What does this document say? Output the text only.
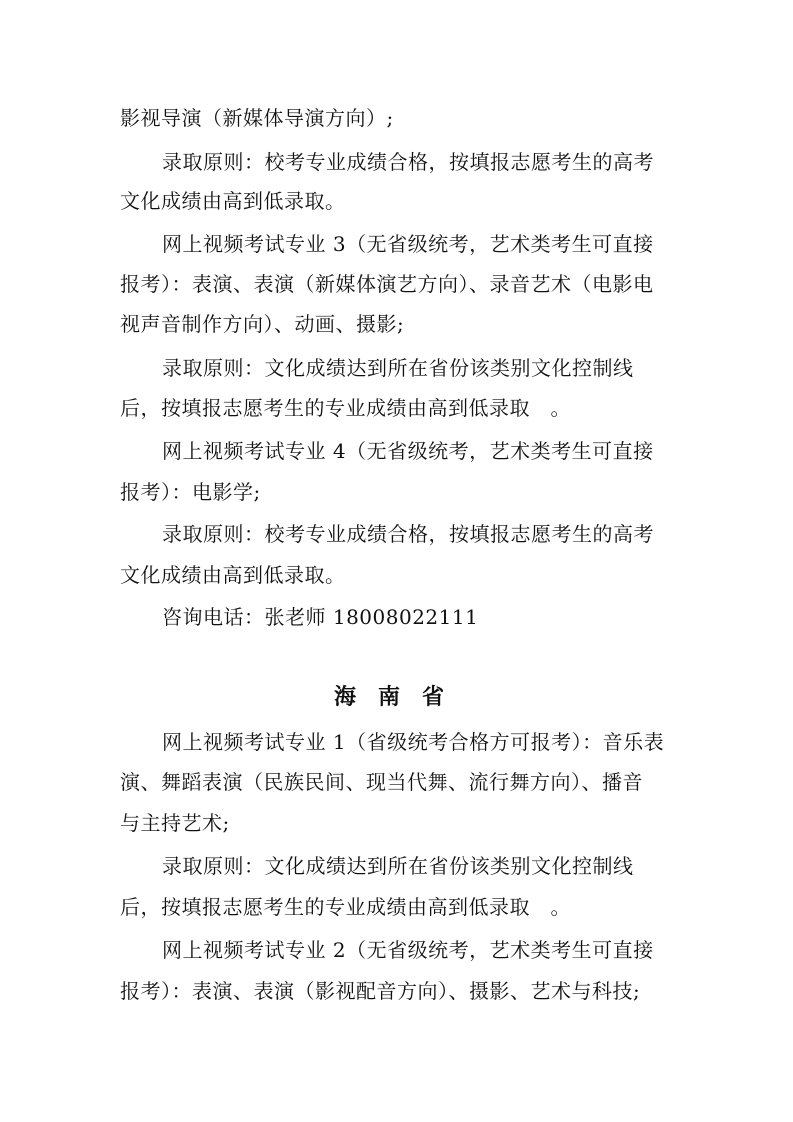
影视导演（新媒体导演方向）;
录取原则：校考专业成绩合格，按填报志愿考生的高考
文化成绩由高到低录取。
网上视频考试专业 3（无省级统考，艺术类考生可直接
报考）：表演、表演（新媒体演艺方向）、录音艺术（电影电
视声音制作方向）、动画、摄影;
录取原则：文化成绩达到所在省份该类别文化控制线
后，按填报志愿考生的专业成绩由高到低录取　。
网上视频考试专业 4（无省级统考，艺术类考生可直接
报考）：电影学;
录取原则：校考专业成绩合格，按填报志愿考生的高考
文化成绩由高到低录取。
咨询电话：张老师 18008022111
海南省
网上视频考试专业 1（省级统考合格方可报考）：音乐表
演、舞蹈表演（民族民间、现当代舞、流行舞方向）、播音
与主持艺术;
录取原则：文化成绩达到所在省份该类别文化控制线
后，按填报志愿考生的专业成绩由高到低录取　。
网上视频考试专业 2（无省级统考，艺术类考生可直接
报考）：表演、表演（影视配音方向）、摄影、艺术与科技;
